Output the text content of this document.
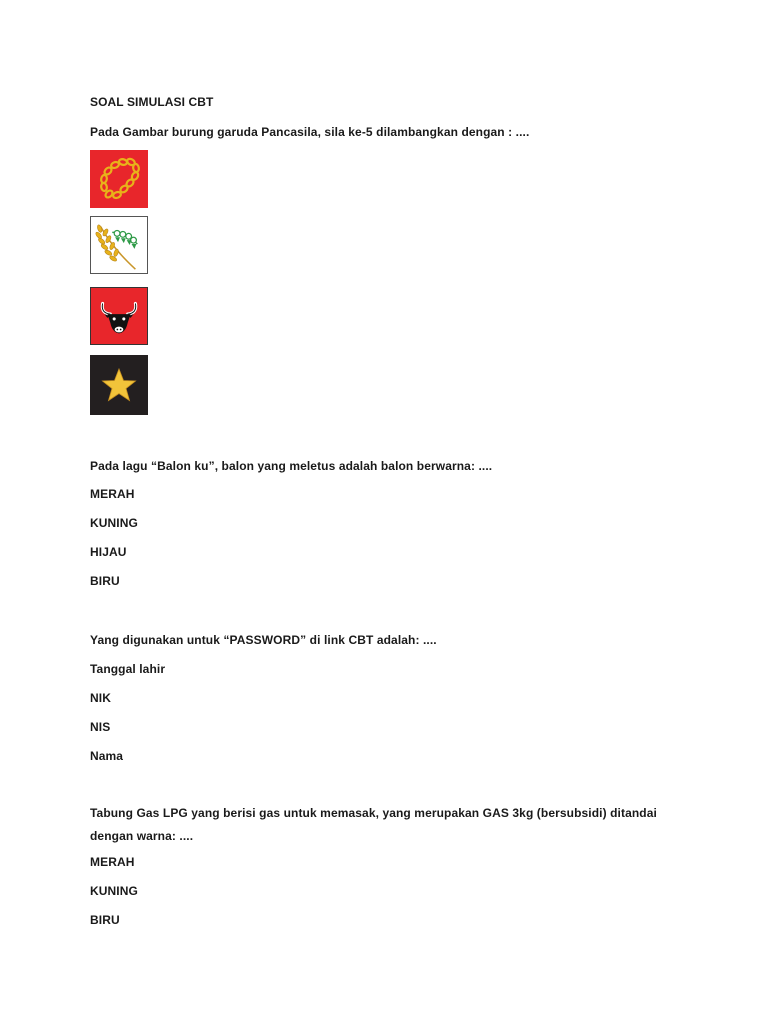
SOAL SIMULASI CBT
Pada Gambar burung garuda Pancasila, sila ke-5 dilambangkan dengan : ....
Pada lagu “Balon ku”, balon yang meletus adalah balon berwarna: ....
MERAH
KUNING
HIJAU
BIRU
Yang digunakan untuk “PASSWORD” di link CBT adalah: ....
Tanggal lahir
NIK
NIS
Nama
Tabung Gas LPG yang berisi gas untuk memasak, yang merupakan GAS 3kg (bersubsidi) ditandai dengan warna: ....
MERAH
KUNING
BIRU
